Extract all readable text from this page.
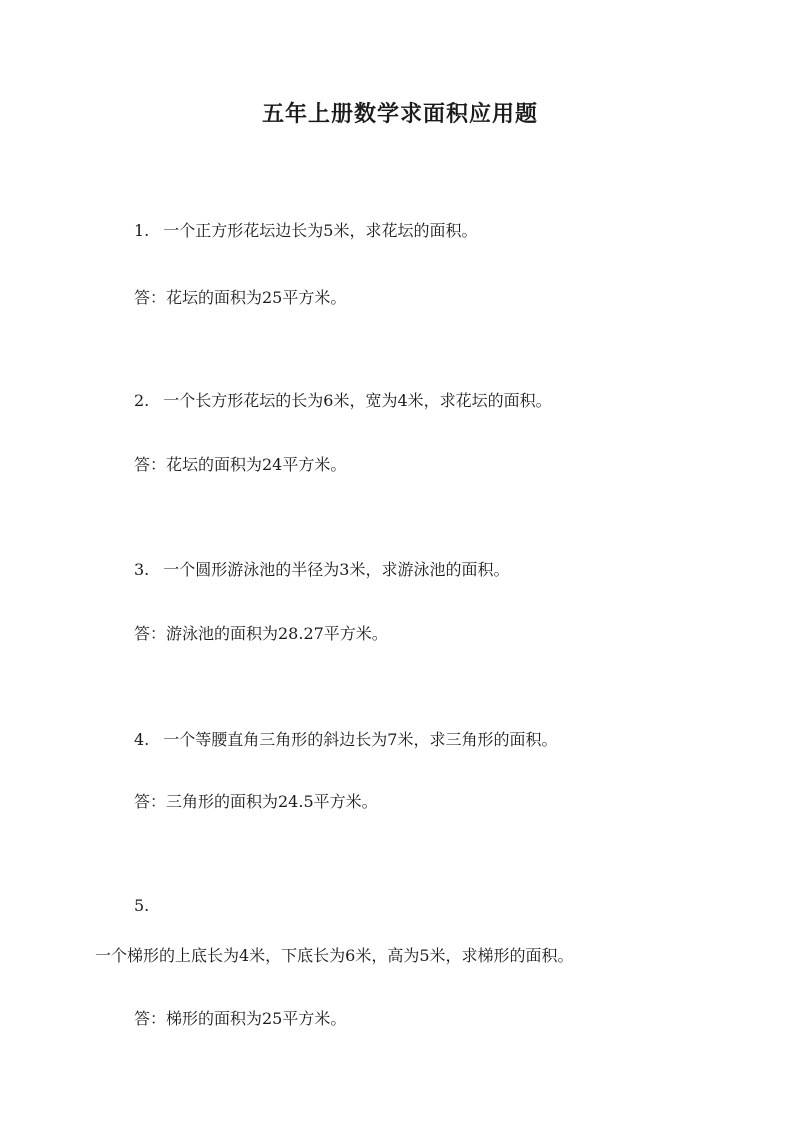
五年上册数学求面积应用题
1. 一个正方形花坛边长为5米，求花坛的面积。
答：花坛的面积为25平方米。
2. 一个长方形花坛的长为6米，宽为4米，求花坛的面积。
答：花坛的面积为24平方米。
3. 一个圆形游泳池的半径为3米，求游泳池的面积。
答：游泳池的面积为28.27平方米。
4. 一个等腰直角三角形的斜边长为7米，求三角形的面积。
答：三角形的面积为24.5平方米。
5.
一个梯形的上底长为4米，下底长为6米，高为5米，求梯形的面积。
答：梯形的面积为25平方米。
